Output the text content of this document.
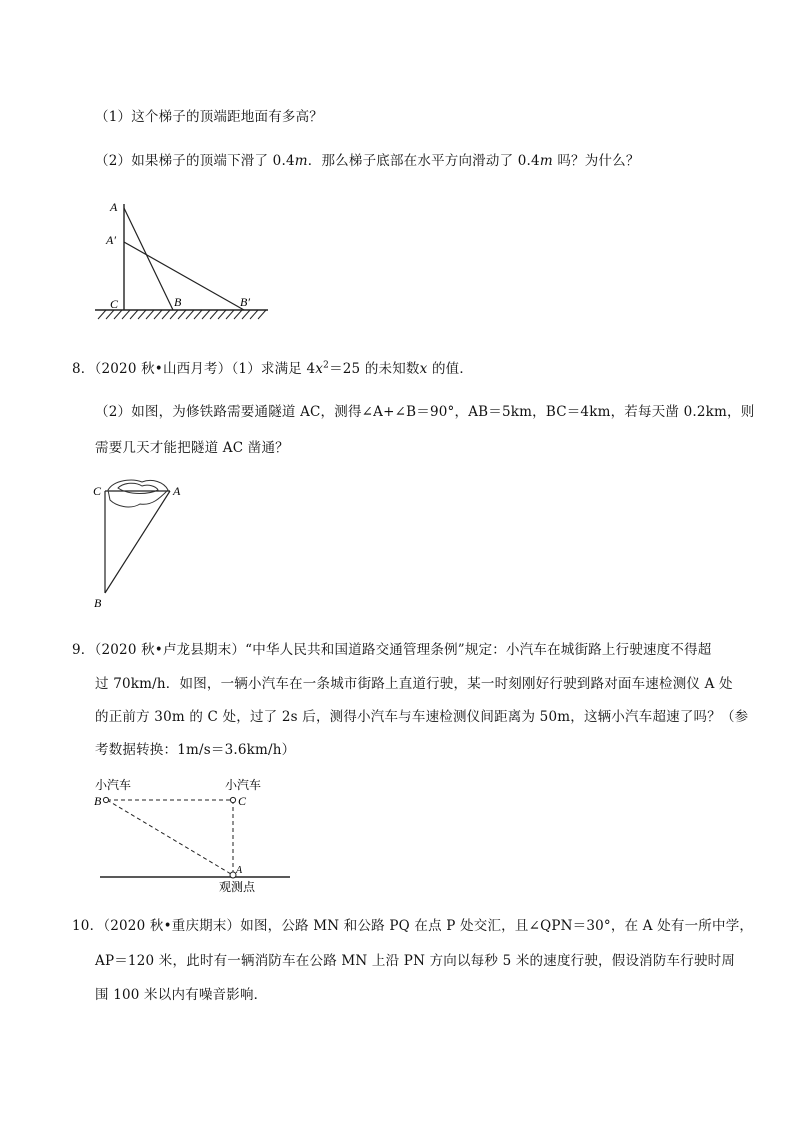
（1）这个梯子的顶端距地面有多高？
（2）如果梯子的顶端下滑了 0.4m．那么梯子底部在水平方向滑动了 0.4m 吗？为什么？
A
A′
C	B	B′
8．（2020 秋•山西月考）（1）求满足 $4x^2=25$ 的未知数x 的值．
（2）如图，为修铁路需要通隧道 AC，测得∠A+∠B＝90°，AB＝5km，BC＝4km，若每天凿 0.2km，则
需要几天才能把隧道 AC 凿通？
C	A
B
9．（2020 秋•卢龙县期末）“中华人民共和国道路交通管理条例”规定：小汽车在城街路上行驶速度不得超
过 70km/h．如图，一辆小汽车在一条城市街路上直道行驶，某一时刻刚好行驶到路对面车速检测仪 A 处
的正前方 30m 的 C 处，过了 2s 后，测得小汽车与车速检测仪间距离为 50m，这辆小汽车超速了吗？（参
考数据转换：1m/s＝3.6km/h）
小汽车	小汽车
B	C
A
观测点
10．（2020 秋•重庆期末）如图，公路 MN 和公路 PQ 在点 P 处交汇，且∠QPN＝30°，在 A 处有一所中学，
AP＝120 米，此时有一辆消防车在公路 MN 上沿 PN 方向以每秒 5 米的速度行驶，假设消防车行驶时周
围 100 米以内有噪音影响．
